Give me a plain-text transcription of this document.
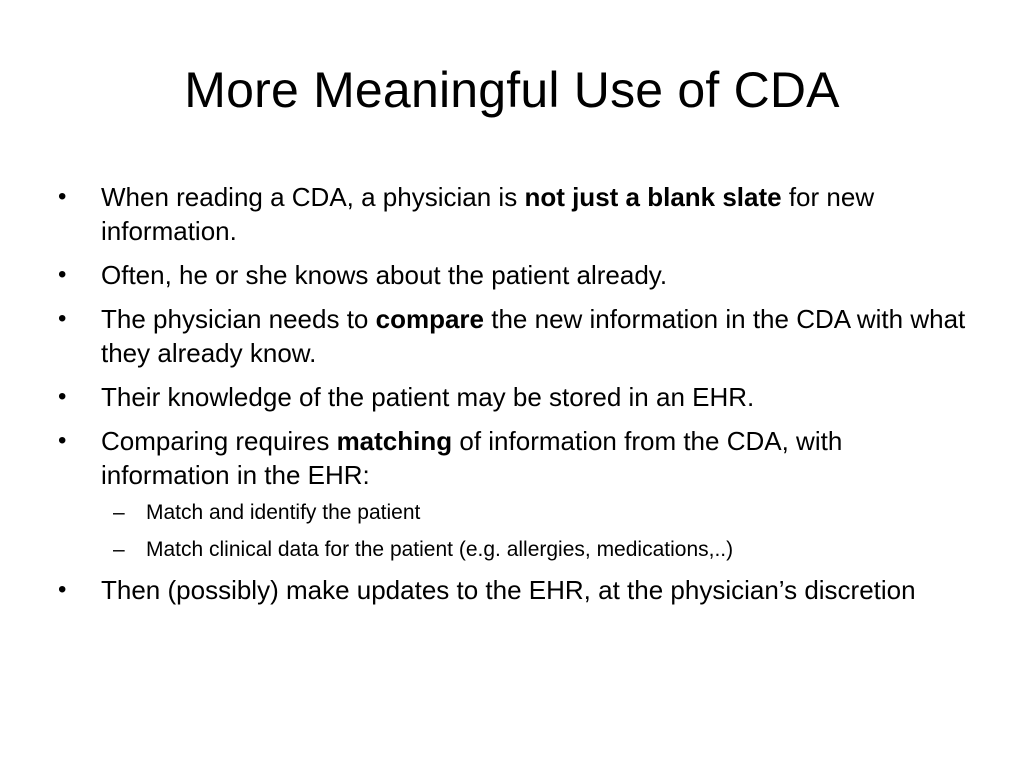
More Meaningful Use of CDA
•	When reading a CDA, a physician is not just a blank slate for new information.
•	Often, he or she knows about the patient already.
•	The physician needs to compare the new information in the CDA with what they already know.
•	Their knowledge of the patient may be stored in an EHR.
•	Comparing requires matching of information from the CDA, with information in the EHR:
–	Match and identify the patient
–	Match clinical data for the patient (e.g. allergies, medications,..)
•	Then (possibly) make updates to the EHR, at the physician’s discretion
